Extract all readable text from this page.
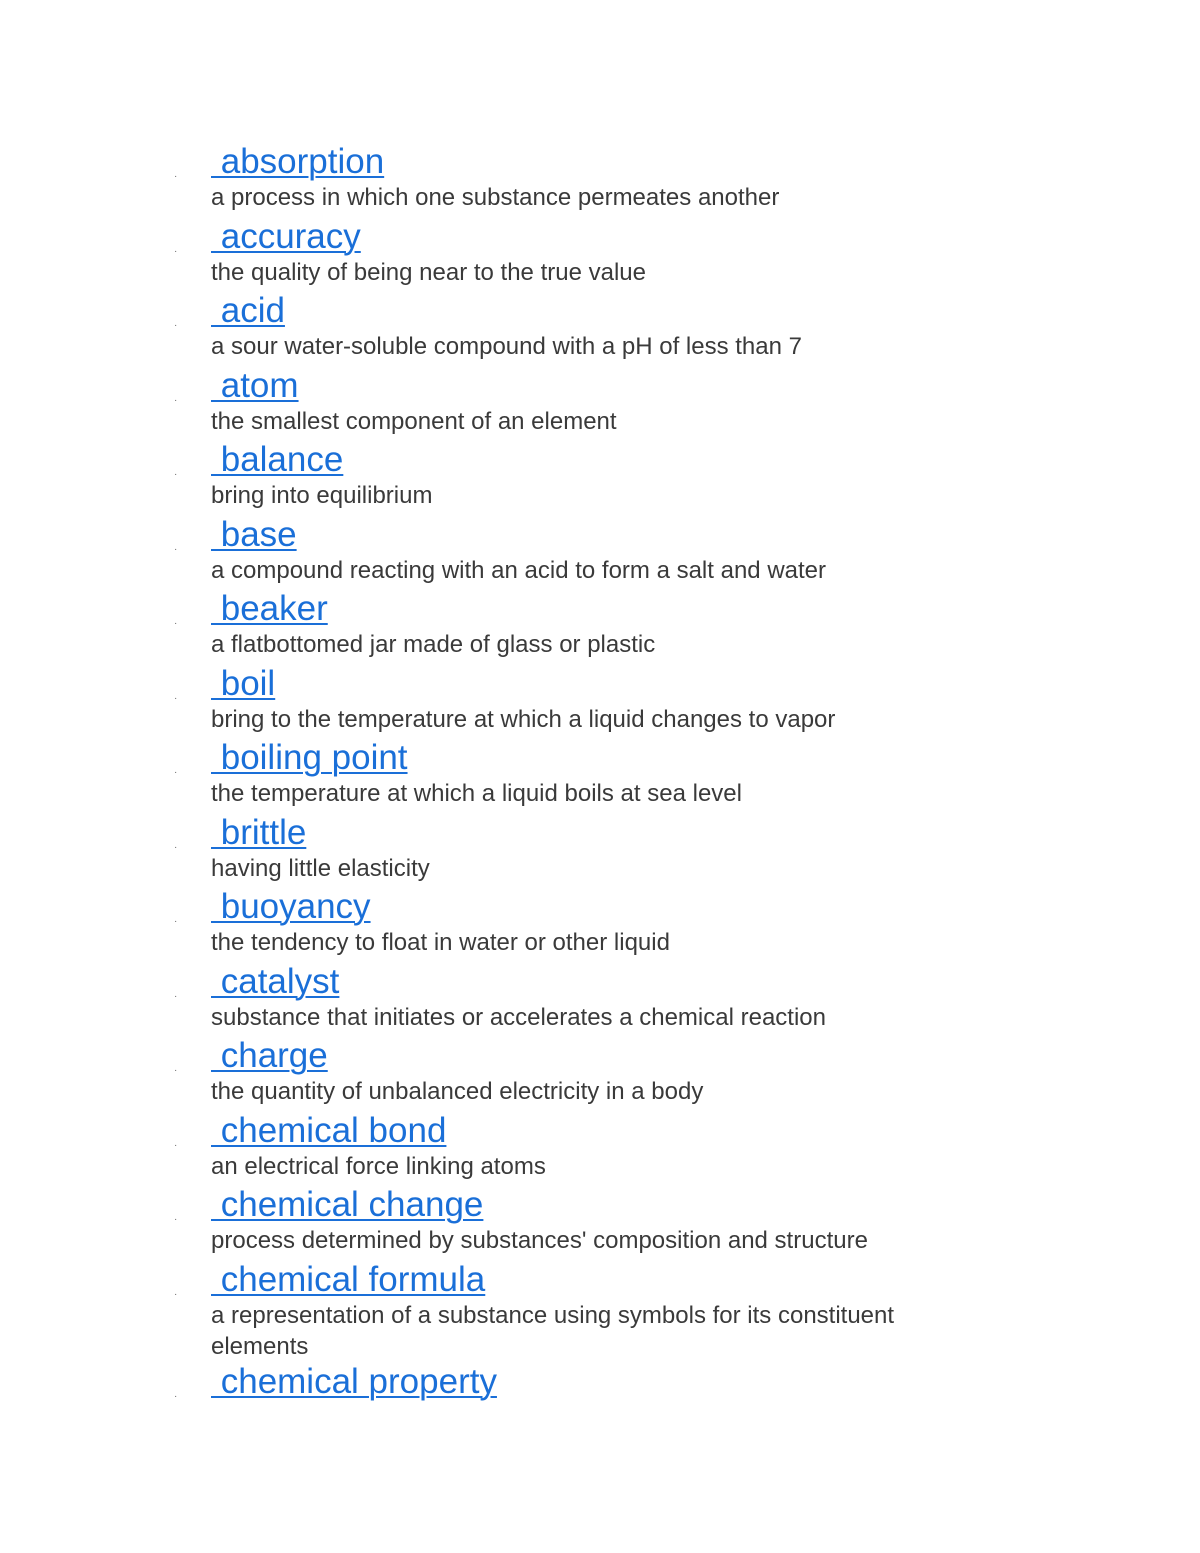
· absorption
a process in which one substance permeates another
· accuracy
the quality of being near to the true value
· acid
a sour water-soluble compound with a pH of less than 7
· atom
the smallest component of an element
· balance
bring into equilibrium
· base
a compound reacting with an acid to form a salt and water
· beaker
a flatbottomed jar made of glass or plastic
· boil
bring to the temperature at which a liquid changes to vapor
· boiling point
the temperature at which a liquid boils at sea level
· brittle
having little elasticity
· buoyancy
the tendency to float in water or other liquid
· catalyst
substance that initiates or accelerates a chemical reaction
· charge
the quantity of unbalanced electricity in a body
· chemical bond
an electrical force linking atoms
· chemical change
process determined by substances' composition and structure
· chemical formula
a representation of a substance using symbols for its constituent elements
· chemical property
